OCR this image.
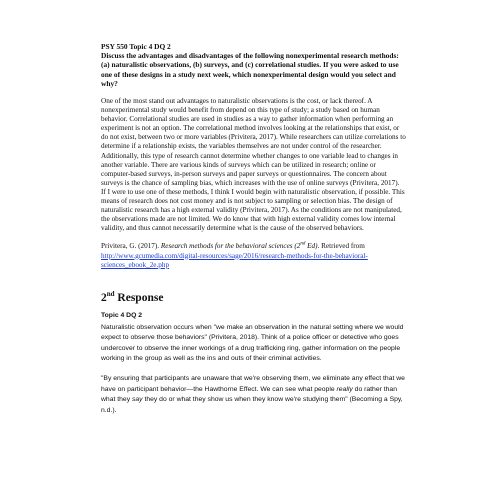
PSY 550 Topic 4 DQ 2

Discuss the advantages and disadvantages of the following nonexperimental research methods: (a) naturalistic observations, (b) surveys, and (c) correlational studies. If you were asked to use one of these designs in a study next week, which nonexperimental design would you select and why?

One of the most stand out advantages to naturalistic observations is the cost, or lack thereof. A nonexperimental study would benefit from depend on this type of study; a study based on human behavior. Correlational studies are used in studies as a way to gather information when performing an experiment is not an option. The correlational method involves looking at the relationships that exist, or do not exist, between two or more variables (Privitera, 2017). While researchers can utilize correlations to determine if a relationship exists, the variables themselves are not under control of the researcher. Additionally, this type of research cannot determine whether changes to one variable lead to changes in another variable. There are various kinds of surveys which can be utilized in research; online or computer-based surveys, in-person surveys and paper surveys or questionnaires. The concern about surveys is the chance of sampling bias, which increases with the use of online surveys (Privitera, 2017).

If I were to use one of these methods, I think I would begin with naturalistic observation, if possible. This means of research does not cost money and is not subject to sampling or selection bias. The design of naturalistic research has a high external validity (Privitera, 2017). As the conditions are not manipulated, the observations made are not limited. We do know that with high external validity comes low internal validity, and thus cannot necessarily determine what is the cause of the observed behaviors.

Privitera, G. (2017). Research methods for the behavioral sciences (2nd Ed). Retrieved from http://www.gcumedia.com/digital-resources/sage/2016/research-methods-for-the-behavioral-sciences_ebook_2e.php

2nd Response

Topic 4 DQ 2

Naturalistic observation occurs when "we make an observation in the natural setting where we would expect to observe those behaviors" (Privitera, 2018). Think of a police officer or detective who goes undercover to observe the inner workings of a drug trafficking ring, gather information on the people working in the group as well as the ins and outs of their criminal activities.

"By ensuring that participants are unaware that we're observing them, we eliminate any effect that we have on participant behavior—the Hawthorne Effect. We can see what people really do rather than what they say they do or what they show us when they know we're studying them" (Becoming a Spy, n.d.).
